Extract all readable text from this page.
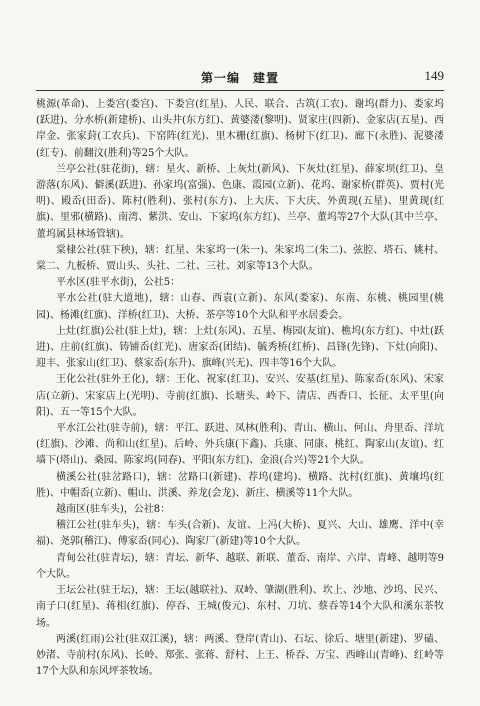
第一编　建置	149

桃源(革命)、上娄宫(娄宫)、下娄宫(红星)、人民、联合、古筑(工农)、谢坞(群力)、娄家坞(跃进)、分水桥(新建桥)、山头井(东方红)、黄婆溇(黎明)、贤家庄(四新)、金家店(五星)、西岸金、张家葑(工农兵)、下窑阵(红光)、里木栅(红旗)、杨树下(红卫)、廊下(永胜)、泥婆溇(红专)、前翻汶(胜利)等25个大队。

兰亭公社(驻花街)，辖：星火、新桥、上灰灶(新风)、下灰灶(红星)、薛家坝(红卫)、皇游落(东风)、僻溪(跃进)、孙家坞(富强)、色康、霞园(立新)、花坞、谢家桥(群英)、贾村(光明)、殿岙(田岙)、陈村(胜利)、张村(东方)、上大庆、下大庆、外黄现(五星)、里黄现(红旗)、里邪(横路)、南湾、紫洪、安山、下家坞(东方红)、兰亭、董坞等27个大队(其中兰亭、董坞属县林场管辖)。

棠棣公社(驻下秧)，辖：红星、朱家坞一(朱一)、朱家坞二(朱二)、弦腔、塔石、姚村、棠二、九板桥、贾山头、头社、二社、三社、刘家等13个大队。

平水区(驻平水街)，公社5：

平水公社(驻大道地)，辖：山春、西袁(立新)、东风(娄家)、东南、东桃、桃园里(桃园)、杨滩(红旗)、洋桥(红卫)、大桥、茶亭等10个大队和平水居委会。

上灶(红旗)公社(驻上灶)，辖：上灶(东风)、五星、梅园(友谊)、樵坞(东方红)、中灶(跃进)、庄前(红旗)、铸铺岙(红光)、唐家岙(团结)、毓秀桥(红桥)、昌锋(先锋)、下灶(向阳)、迎丰、张家山(红卫)、蔡家岙(东升)、旗峰(兴无)、四丰等16个大队。

王化公社(驻外王化)，辖：王化、祝家(红卫)、安兴、安基(红星)、陈家岙(东风)、宋家店(立新)、宋家店上(光明)、寺前(红旗)、长塘头、岭下、清店、西香口、长征、太平里(向阳)、五一等15个大队。

平水江公社(驻寺前)，辖：平江、跃进、凤林(胜利)、青山、横山、何山、舟里岙、洋坑(红旗)、沙滩、尚和山(红星)、后岭、外兵康(下鑫)、兵康、同康、桃红、陶家山(友谊)、红墙下(塔山)、桑园、陈家坞(同春)、平阳(东方红)、金浪(合兴)等21个大队。

横溪公社(驻岔路口)，辖：岔路口(新建)、荐坞(建坞)、横路、沈村(红旗)、黄壤坞(红胜)、中帽岙(立新)、帽山、洪溪、养龙(会龙)、新庄、横溪等11个大队。

越南区(驻车头)，公社8：

稽江公社(驻车头)，辖：车头(合新)、友谊、上冯(大桥)、夏兴、大山、雄鹰、洋中(幸福)、尧郭(稽江)、傅家岙(同心)、陶家厂(新建)等10个大队。

青甸公社(驻青坛)，辖：青坛、新华、越联、新联、董岙、南岸、六岸、青峰、越明等9个大队。

王坛公社(驻王坛)，辖：王坛(越联社)、双岭、肇湖(胜利)、坎上、沙地、沙坞、民兴、南子口(红星)、蒋相(红旗)、停吞、王城(俊元)、东村、刀坑、蔡吞等14个大队和溪东茶牧场。

两溪(红雨)公社(驻双江溪)，辖：两溪、登岸(青山)、石坛、徐后、塘里(新建)、罗磕、妙渚、寺前村(东风)、长岭、郑张、张蒋、舒村、上王、桥吞、万宝、西峰山(青峰)、红岭等17个大队和东风坪茶牧场。
